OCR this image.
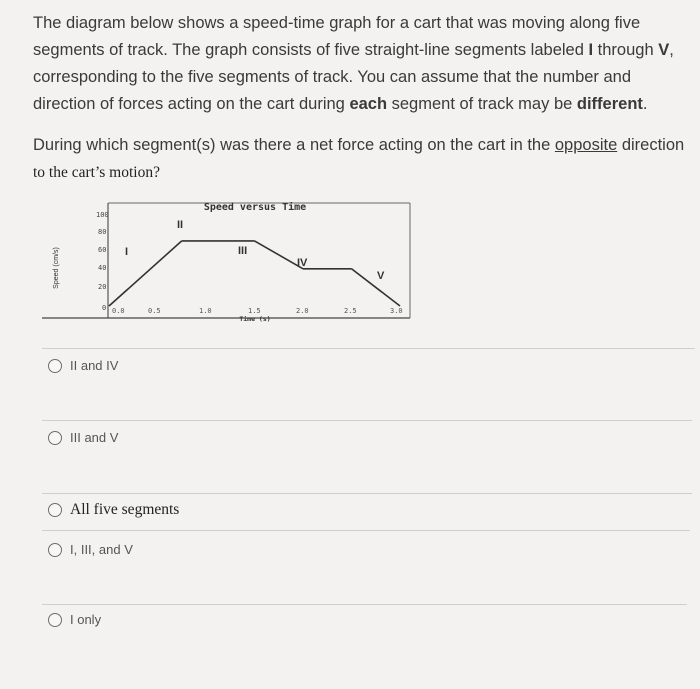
The diagram below shows a speed-time graph for a cart that was moving along five segments of track. The graph consists of five straight-line segments labeled I through V, corresponding to the five segments of track. You can assume that the number and direction of forces acting on the cart during each segment of track may be different.

During which segment(s) was there a net force acting on the cart in the opposite direction
to the cart’s motion?
Speed versus Time
Speed (cm/s)
100
80
60
40
20
0 0.0	0.5	1.0	1.5	2.0	2.5	3.0
Time (s)
I
II
III
IV
V
II and IV
III and V
All five segments
I, III, and V
I only
